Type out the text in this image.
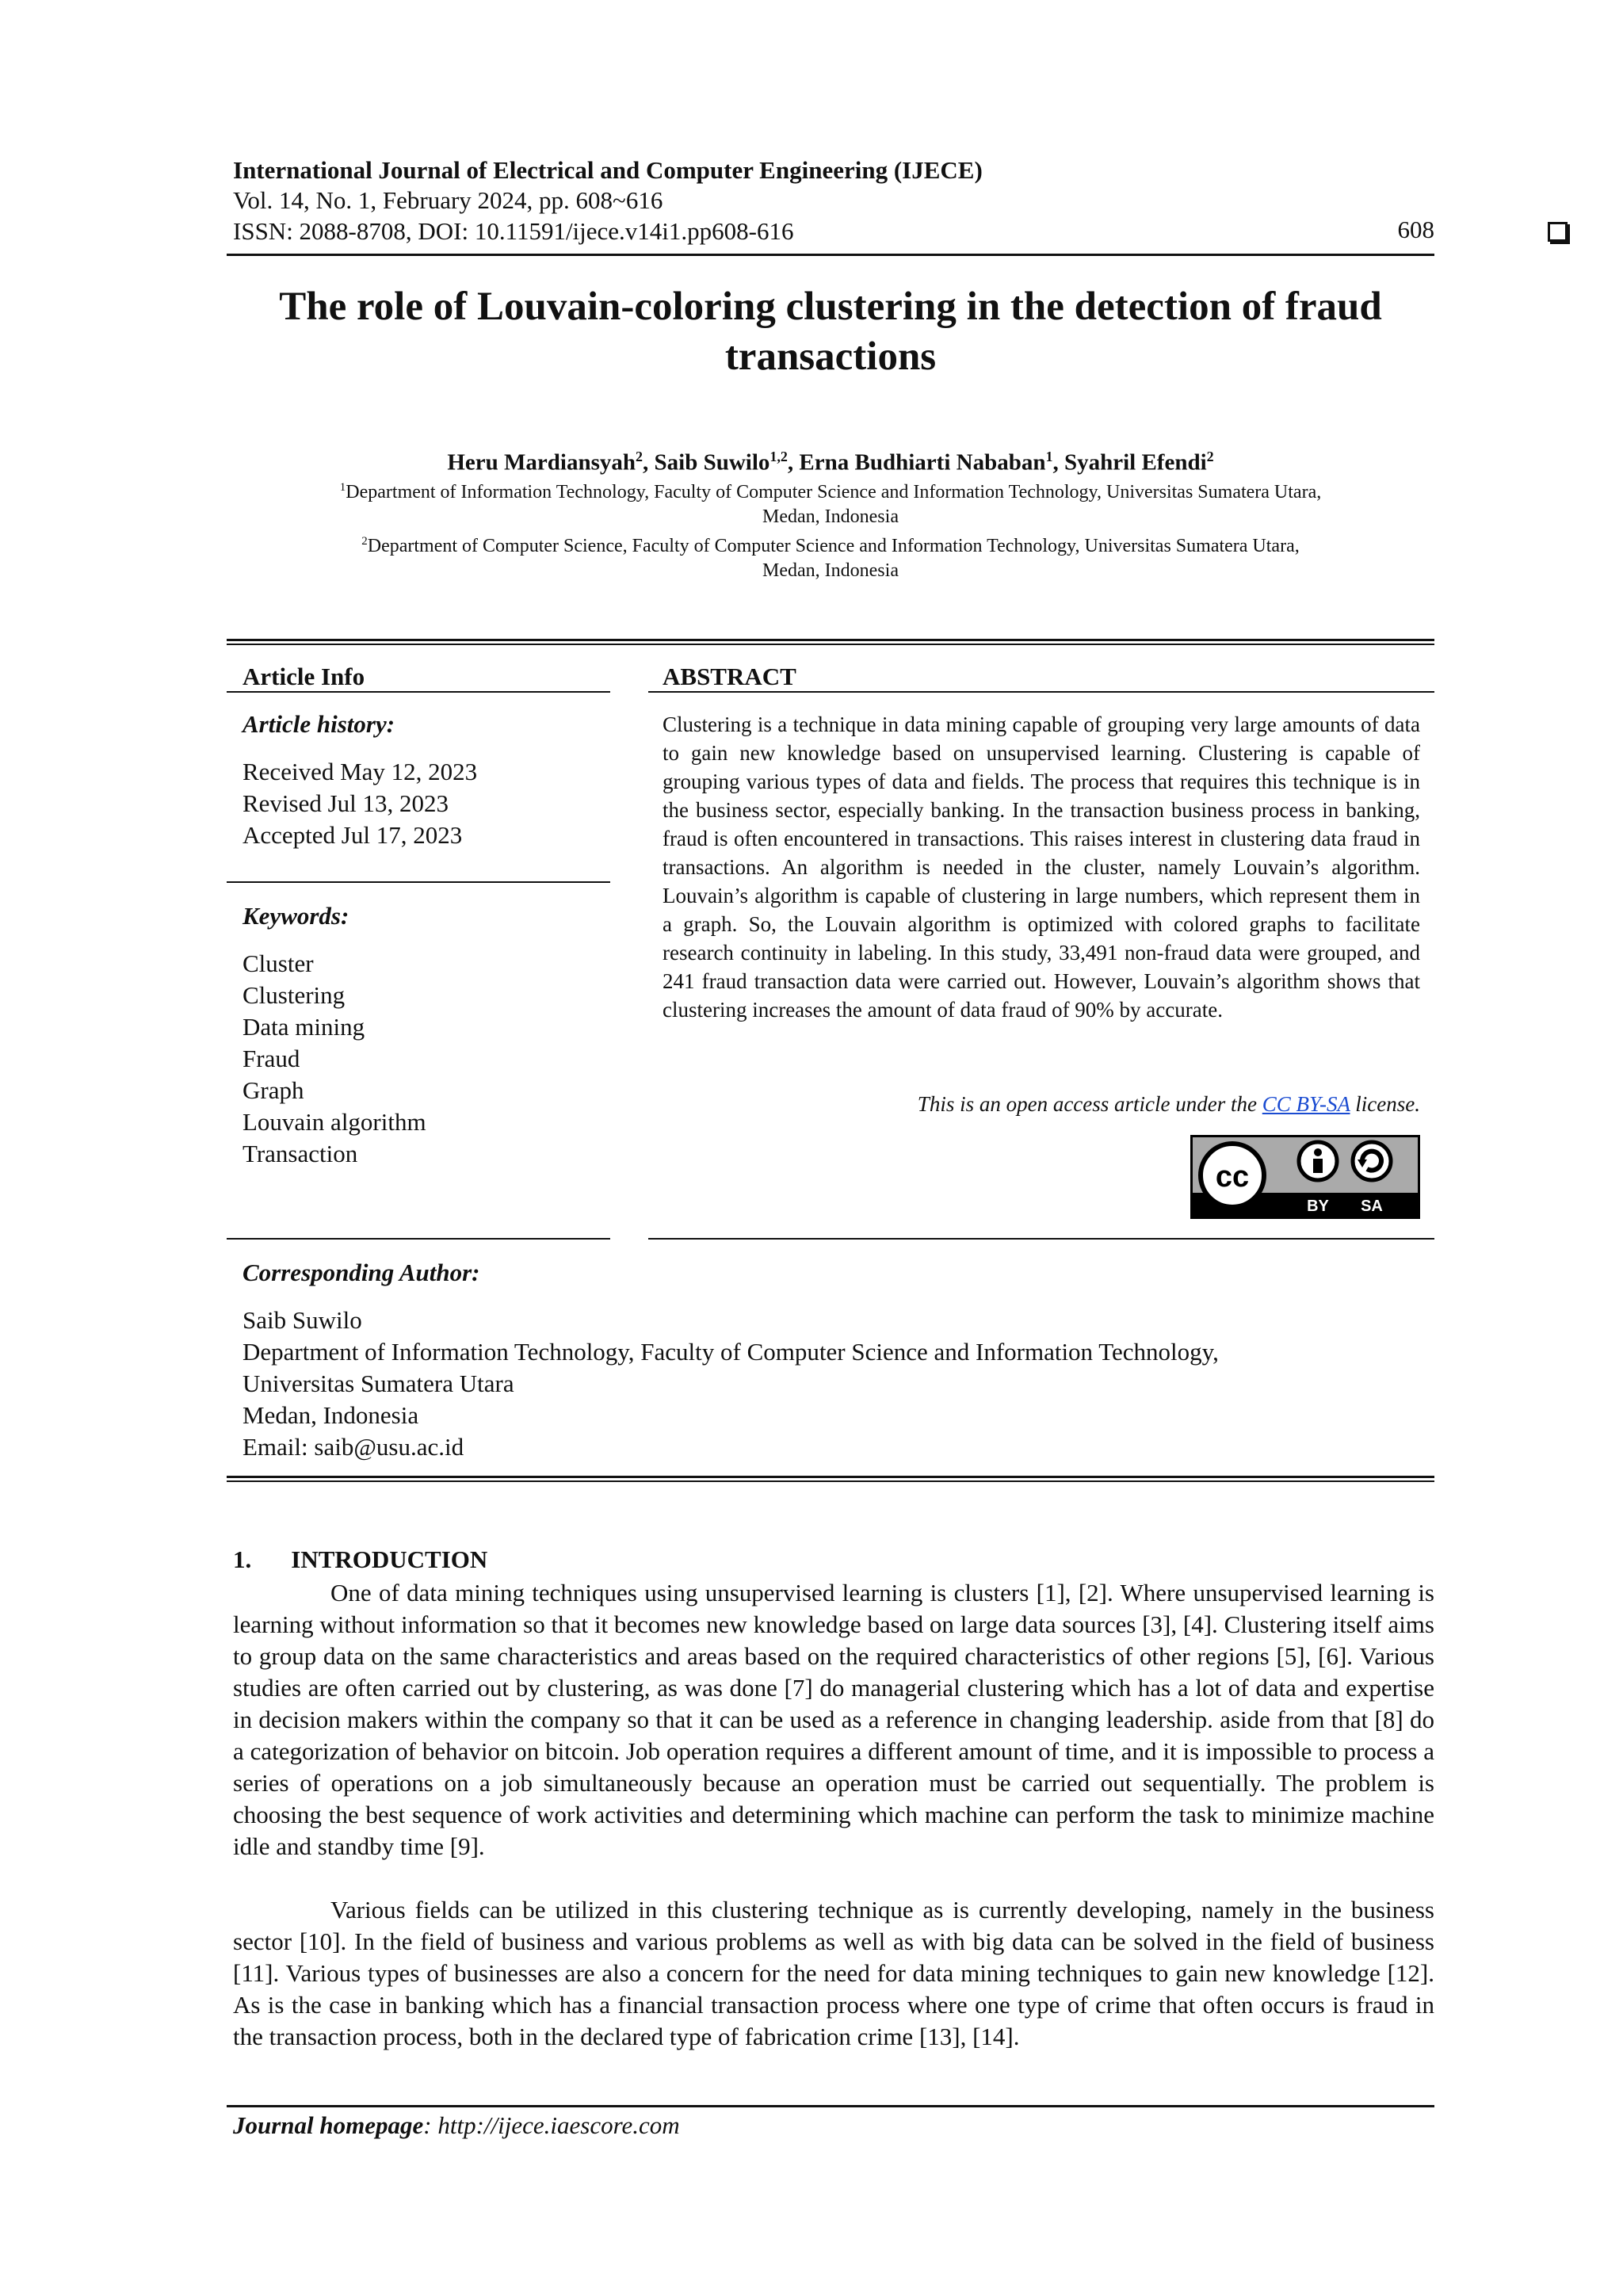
International Journal of Electrical and Computer Engineering (IJECE)
Vol. 14, No. 1, February 2024, pp. 608~616
ISSN: 2088-8708, DOI: 10.11591/ijece.v14i1.pp608-616	608
The role of Louvain-coloring clustering in the detection of fraud
transactions
Heru Mardiansyah$^2$, Saib Suwilo$^{1,2}$, Erna Budhiarti Nababan$^1$, Syahril Efendi$^2$
$^1$Department of Information Technology, Faculty of Computer Science and Information Technology, Universitas Sumatera Utara,
Medan, Indonesia
$^2$Department of Computer Science, Faculty of Computer Science and Information Technology, Universitas Sumatera Utara,
Medan, Indonesia
Article Info
Article history:
Received May 12, 2023
Revised Jul 13, 2023
Accepted Jul 17, 2023
Keywords:
Cluster
Clustering
Data mining
Fraud
Graph
Louvain algorithm
Transaction
ABSTRACT
Clustering is a technique in data mining capable of grouping very large amounts of data to gain new knowledge based on unsupervised learning. Clustering is capable of grouping various types of data and fields. The process that requires this technique is in the business sector, especially banking. In the transaction business process in banking, fraud is often encountered in transactions. This raises interest in clustering data fraud in transactions. An algorithm is needed in the cluster, namely Louvain’s algorithm. Louvain’s algorithm is capable of clustering in large numbers, which represent them in a graph. So, the Louvain algorithm is optimized with colored graphs to facilitate research continuity in labeling. In this study, 33,491 non-fraud data were grouped, and 241 fraud transaction data were carried out. However, Louvain’s algorithm shows that clustering increases the amount of data fraud of 90% by accurate.
This is an open access article under the CC BY-SA license.
cc
BY SA
Corresponding Author:
Saib Suwilo
Department of Information Technology, Faculty of Computer Science and Information Technology,
Universitas Sumatera Utara
Medan, Indonesia
Email: saib@usu.ac.id
1. INTRODUCTION
One of data mining techniques using unsupervised learning is clusters [1], [2]. Where unsupervised learning is learning without information so that it becomes new knowledge based on large data sources [3], [4]. Clustering itself aims to group data on the same characteristics and areas based on the required characteristics of other regions [5], [6]. Various studies are often carried out by clustering, as was done [7] do managerial clustering which has a lot of data and expertise in decision makers within the company so that it can be used as a reference in changing leadership. aside from that [8] do a categorization of behavior on bitcoin. Job operation requires a different amount of time, and it is impossible to process a series of operations on a job simultaneously because an operation must be carried out sequentially. The problem is choosing the best sequence of work activities and determining which machine can perform the task to minimize machine idle and standby time [9].
Various fields can be utilized in this clustering technique as is currently developing, namely in the business sector [10]. In the field of business and various problems as well as with big data can be solved in the field of business [11]. Various types of businesses are also a concern for the need for data mining techniques to gain new knowledge [12]. As is the case in banking which has a financial transaction process where one type of crime that often occurs is fraud in the transaction process, both in the declared type of fabrication crime [13], [14].
Journal homepage: http://ijece.iaescore.com
